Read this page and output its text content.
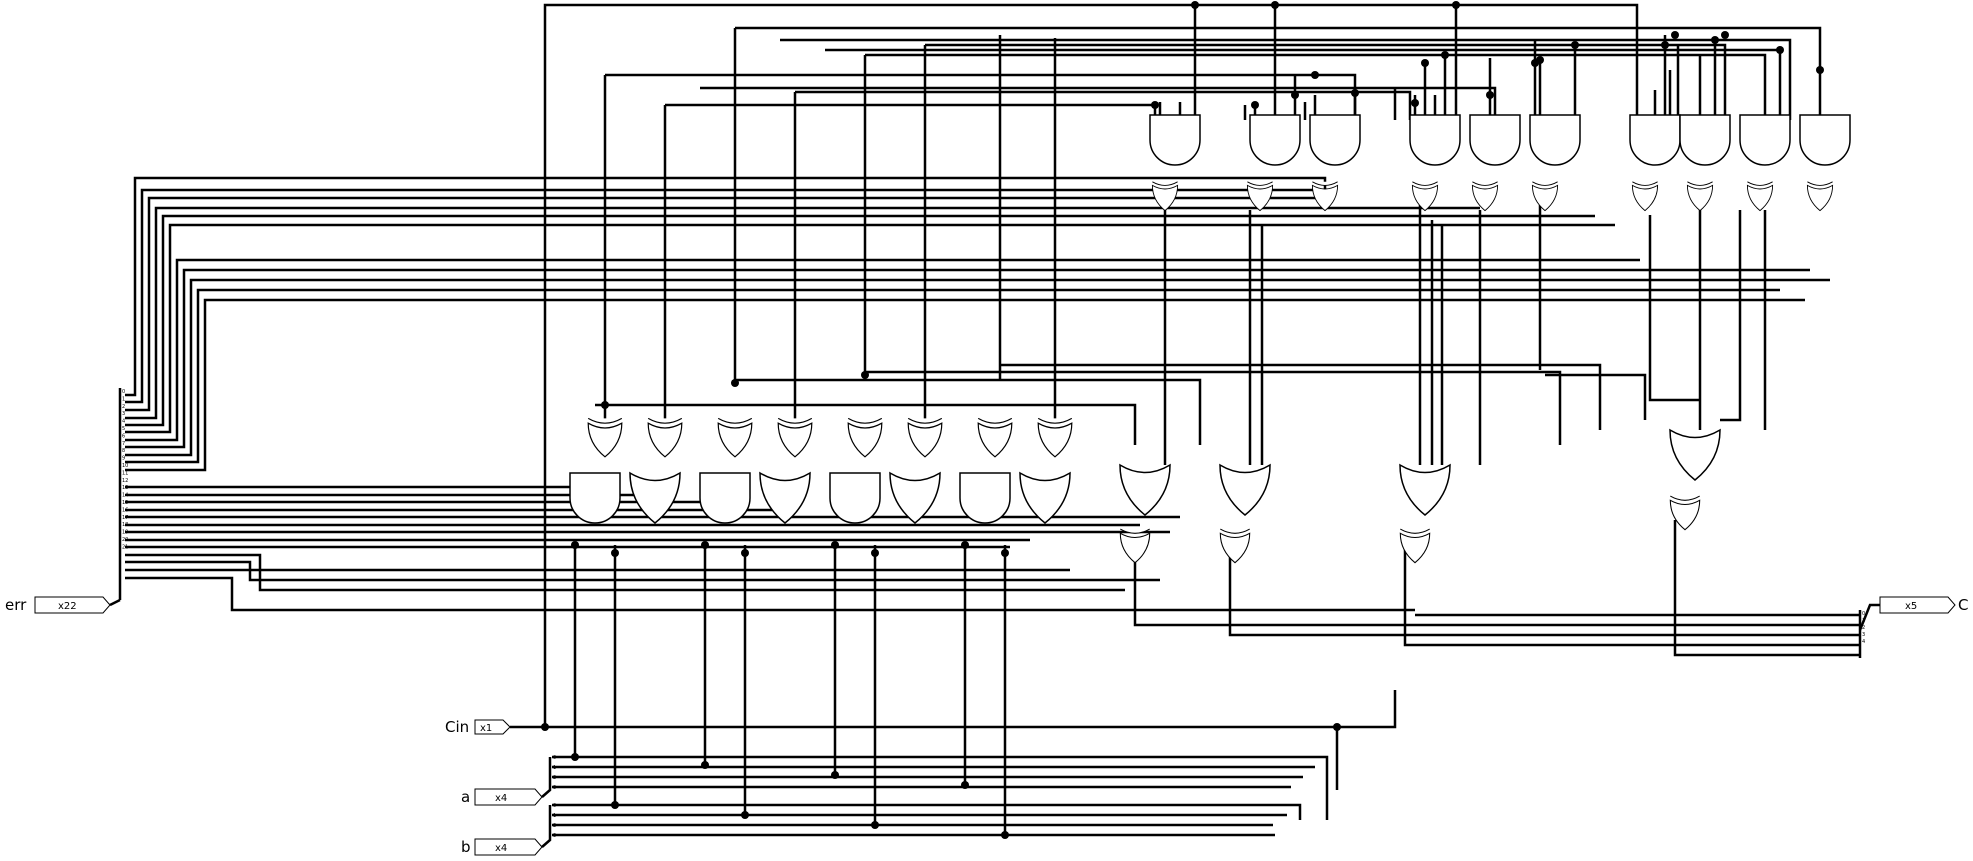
err	x22
Cin x1
a x4
b x4
C
x5
0
1
2
3
4
5
6
7
8
9
10
11
12
13
14
15
16
17
18
19
20
21
0
1
2
3
0
1
2
3
0
1
2
3
4
